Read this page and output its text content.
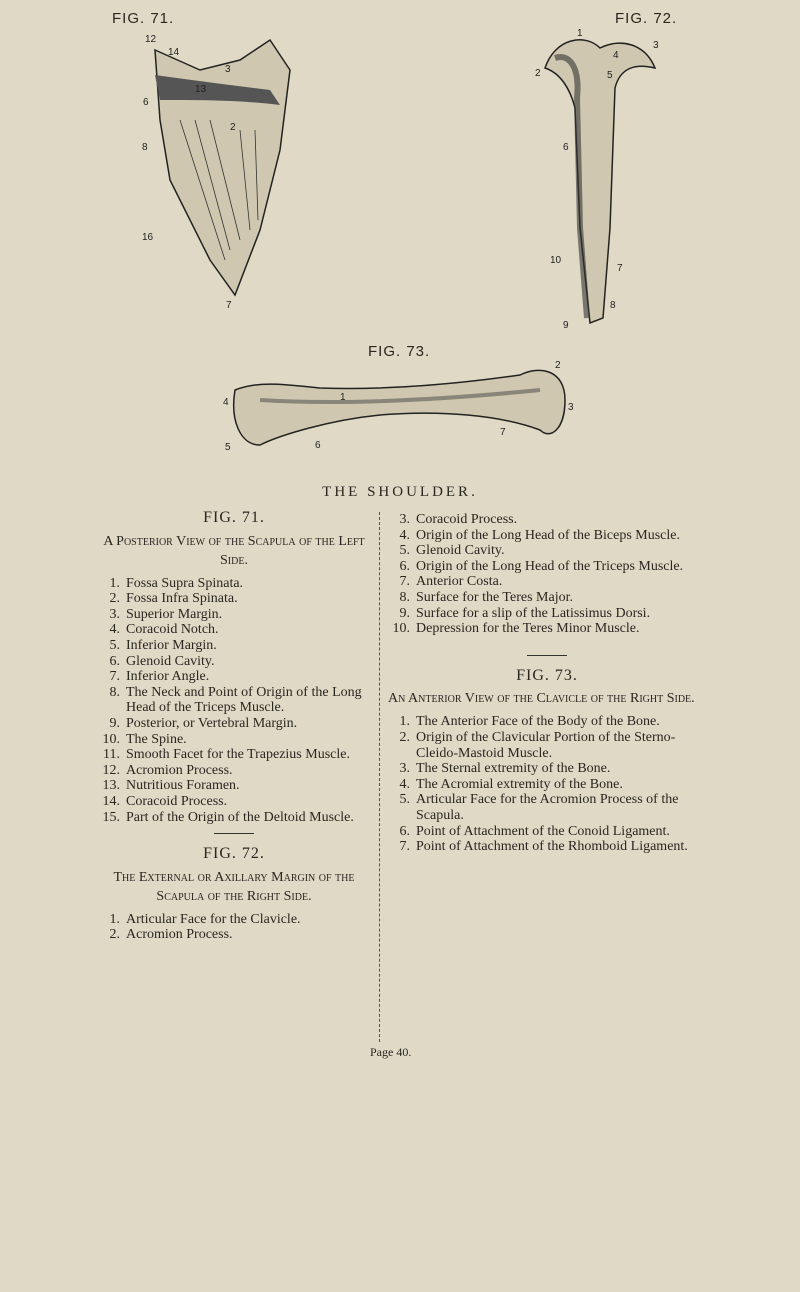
FIG. 71.	FIG. 72.
FIG. 73.
12
14
3
13
6
8
2
16
7
1
2
3
4
5
6
10
7
8
9
4	1
2
3
5	6
7
THE SHOULDER.
FIG. 71.
A Posterior View of the Scapula of the Left Side.
1. Fossa Supra Spinata.
2. Fossa Infra Spinata.
3. Superior Margin.
4. Coracoid Notch.
5. Inferior Margin.
6. Glenoid Cavity.
7. Inferior Angle.
8. The Neck and Point of Origin of the Long Head of the Triceps Muscle.
9. Posterior, or Vertebral Margin.
10. The Spine.
11. Smooth Facet for the Trapezius Muscle.
12. Acromion Process.
13. Nutritious Foramen.
14. Coracoid Process.
15. Part of the Origin of the Deltoid Muscle.
FIG. 72.
The External or Axillary Margin of the Scapula of the Right Side.
1. Articular Face for the Clavicle.
2. Acromion Process.
3. Coracoid Process.
4. Origin of the Long Head of the Biceps Muscle.
5. Glenoid Cavity.
6. Origin of the Long Head of the Triceps Muscle.
7. Anterior Costa.
8. Surface for the Teres Major.
9. Surface for a slip of the Latissimus Dorsi.
10. Depression for the Teres Minor Muscle.
FIG. 73.
An Anterior View of the Clavicle of the Right Side.
1. The Anterior Face of the Body of the Bone.
2. Origin of the Clavicular Portion of the Sterno-Cleido-Mastoid Muscle.
3. The Sternal extremity of the Bone.
4. The Acromial extremity of the Bone.
5. Articular Face for the Acromion Process of the Scapula.
6. Point of Attachment of the Conoid Ligament.
7. Point of Attachment of the Rhomboid Ligament.
Page 40.
